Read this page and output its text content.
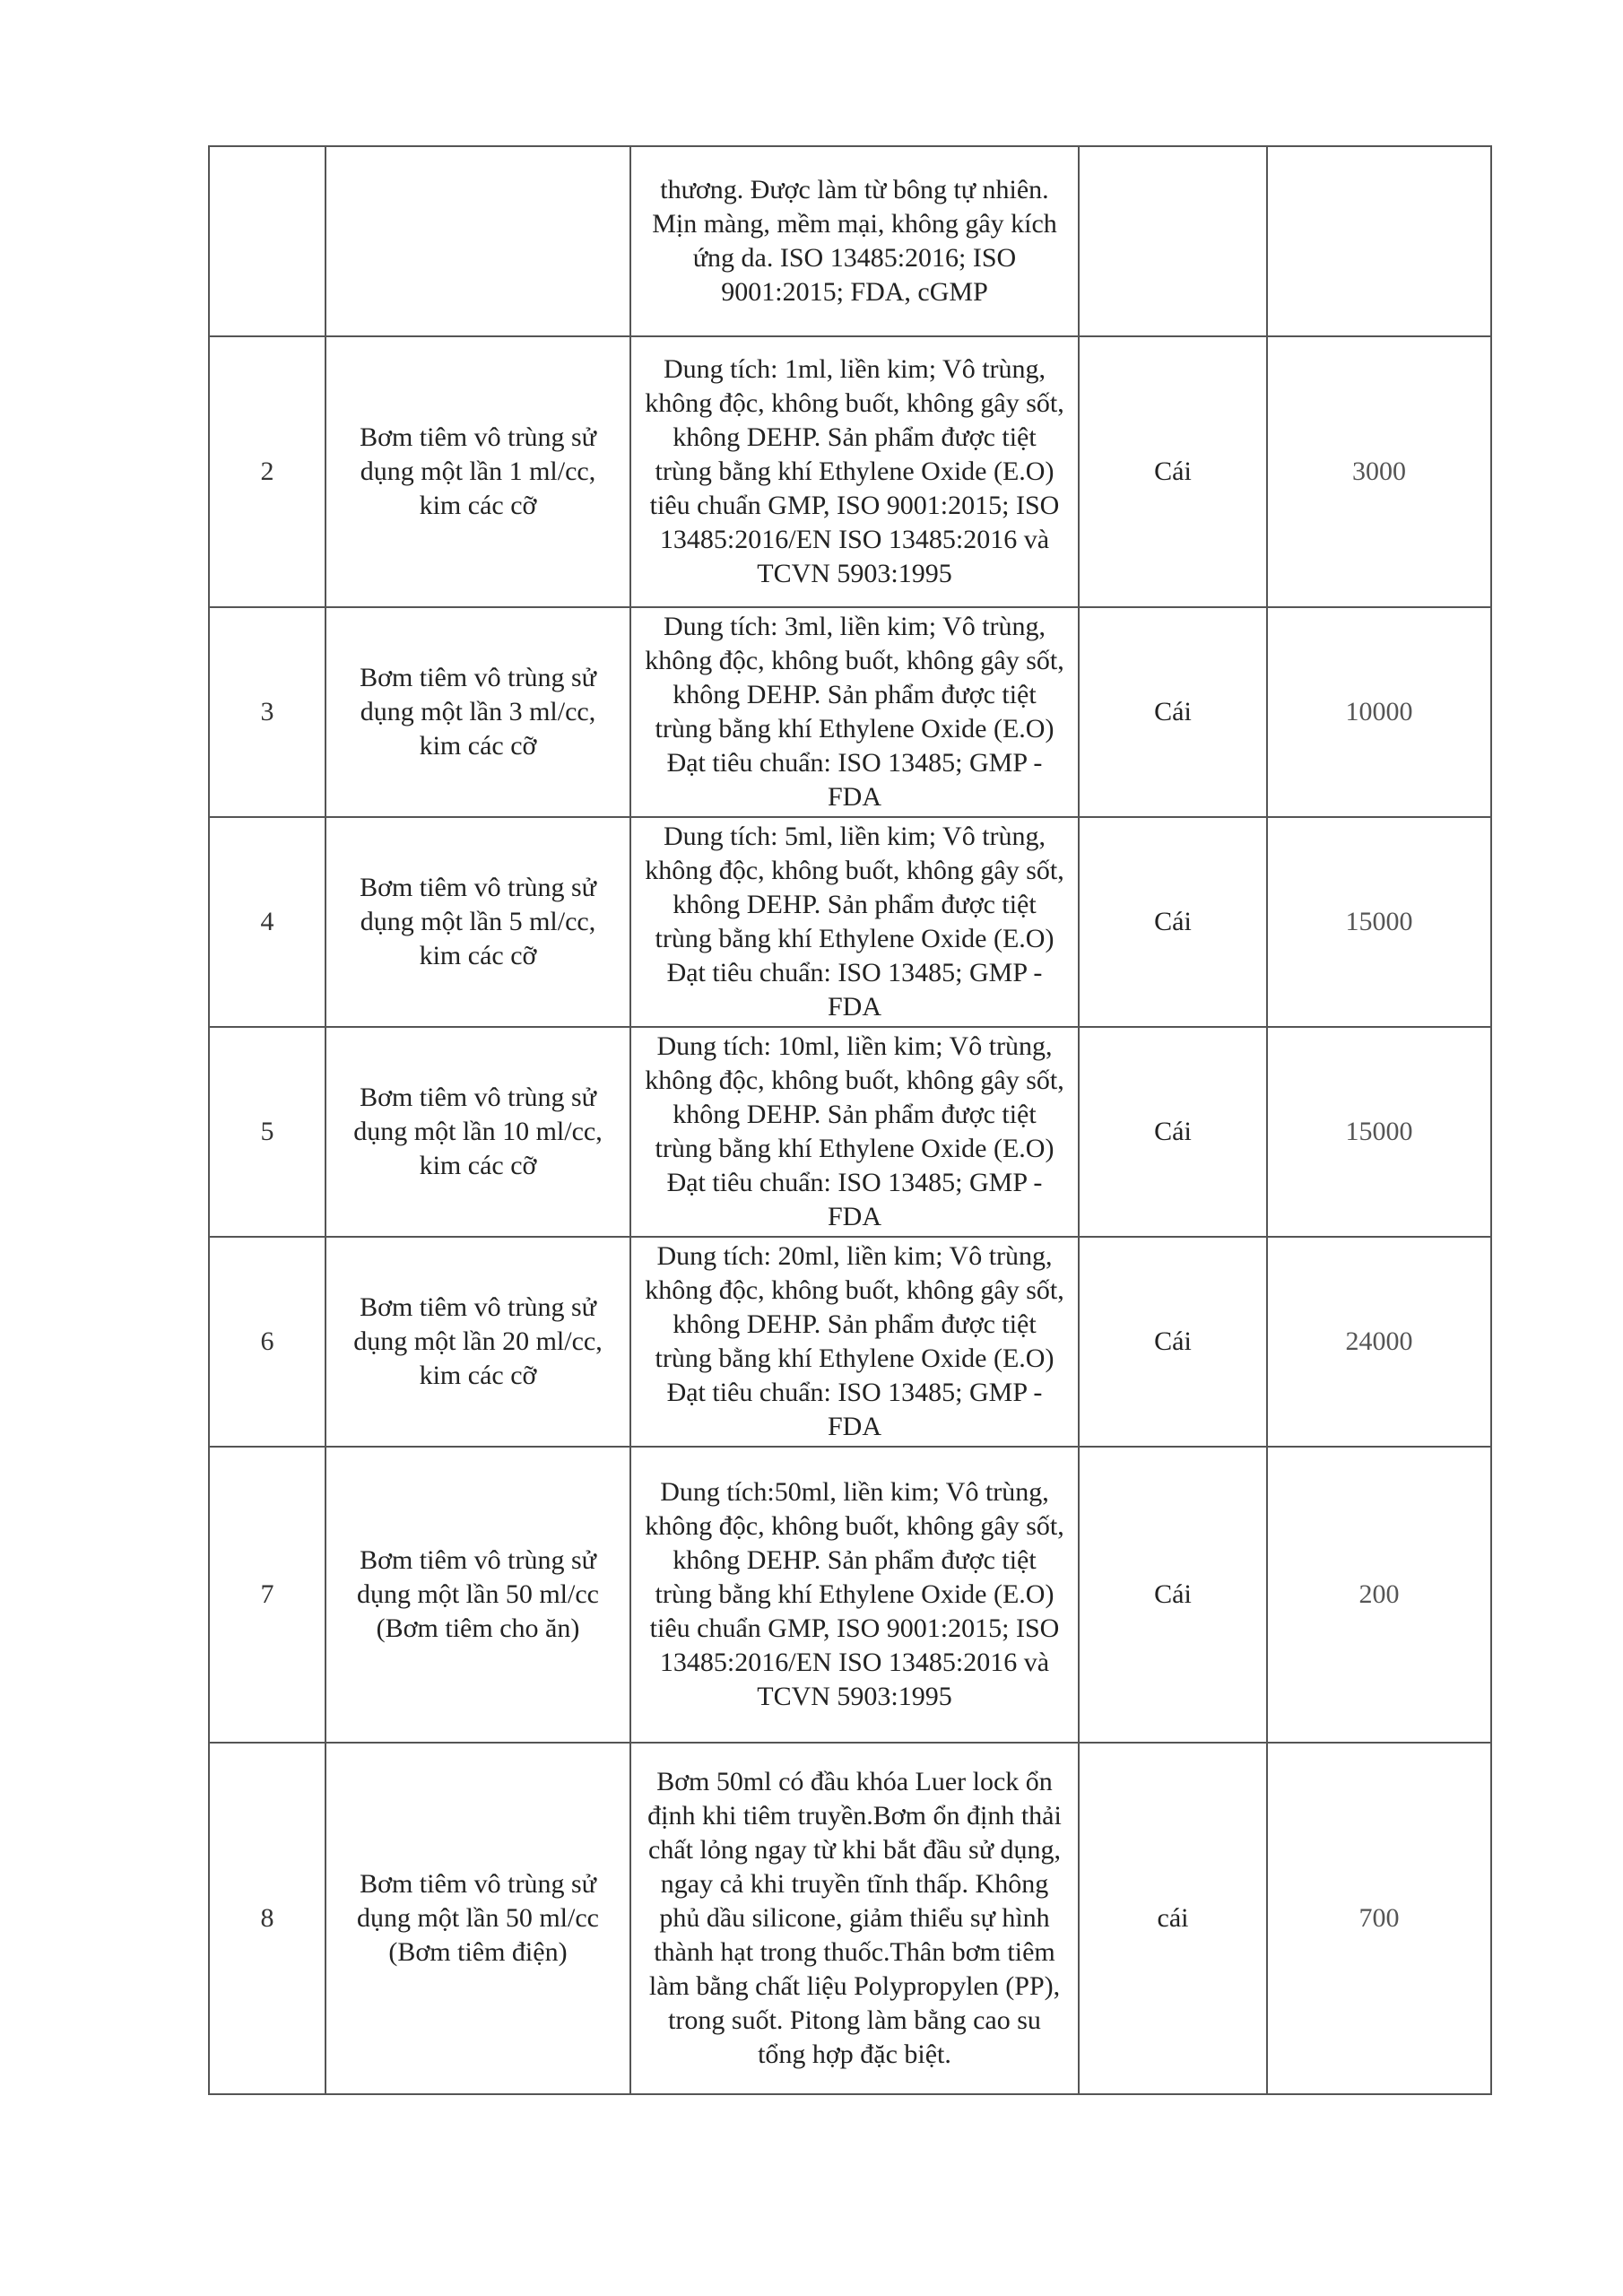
		thương. Được làm từ bông tự nhiên. Mịn màng, mềm mại, không gây kích ứng da. ISO 13485:2016; ISO 9001:2015; FDA, cGMP		
2	Bơm tiêm vô trùng sử dụng một lần 1 ml/cc, kim các cỡ	Dung tích: 1ml, liền kim; Vô trùng, không độc, không buốt, không gây sốt, không DEHP. Sản phẩm được tiệt trùng bằng khí Ethylene Oxide (E.O) tiêu chuẩn GMP, ISO 9001:2015; ISO 13485:2016/EN ISO 13485:2016 và TCVN 5903:1995	Cái	3000
3	Bơm tiêm vô trùng sử dụng một lần 3 ml/cc, kim các cỡ	Dung tích: 3ml, liền kim; Vô trùng, không độc, không buốt, không gây sốt, không DEHP. Sản phẩm được tiệt trùng bằng khí Ethylene Oxide (E.O) Đạt tiêu chuẩn: ISO 13485; GMP - FDA	Cái	10000
4	Bơm tiêm vô trùng sử dụng một lần 5 ml/cc, kim các cỡ	Dung tích: 5ml, liền kim; Vô trùng, không độc, không buốt, không gây sốt, không DEHP. Sản phẩm được tiệt trùng bằng khí Ethylene Oxide (E.O) Đạt tiêu chuẩn: ISO 13485; GMP - FDA	Cái	15000
5	Bơm tiêm vô trùng sử dụng một lần 10 ml/cc, kim các cỡ	Dung tích: 10ml, liền kim; Vô trùng, không độc, không buốt, không gây sốt, không DEHP. Sản phẩm được tiệt trùng bằng khí Ethylene Oxide (E.O) Đạt tiêu chuẩn: ISO 13485; GMP - FDA	Cái	15000
6	Bơm tiêm vô trùng sử dụng một lần 20 ml/cc, kim các cỡ	Dung tích: 20ml, liền kim; Vô trùng, không độc, không buốt, không gây sốt, không DEHP. Sản phẩm được tiệt trùng bằng khí Ethylene Oxide (E.O) Đạt tiêu chuẩn: ISO 13485; GMP - FDA	Cái	24000
7	Bơm tiêm vô trùng sử dụng một lần 50 ml/cc (Bơm tiêm cho ăn)	Dung tích:50ml, liền kim; Vô trùng, không độc, không buốt, không gây sốt, không DEHP. Sản phẩm được tiệt trùng bằng khí Ethylene Oxide (E.O) tiêu chuẩn GMP, ISO 9001:2015; ISO 13485:2016/EN ISO 13485:2016 và TCVN 5903:1995	Cái	200
8	Bơm tiêm vô trùng sử dụng một lần 50 ml/cc (Bơm tiêm điện)	Bơm 50ml có đầu khóa Luer lock ổn định khi tiêm truyền.Bơm ổn định thải chất lỏng ngay từ khi bắt đầu sử dụng, ngay cả khi truyền tĩnh thấp. Không phủ dầu silicone, giảm thiểu sự hình thành hạt trong thuốc.Thân bơm tiêm làm bằng chất liệu Polypropylen (PP), trong suốt. Pitong làm bằng cao su tổng hợp đặc biệt.	cái	700
